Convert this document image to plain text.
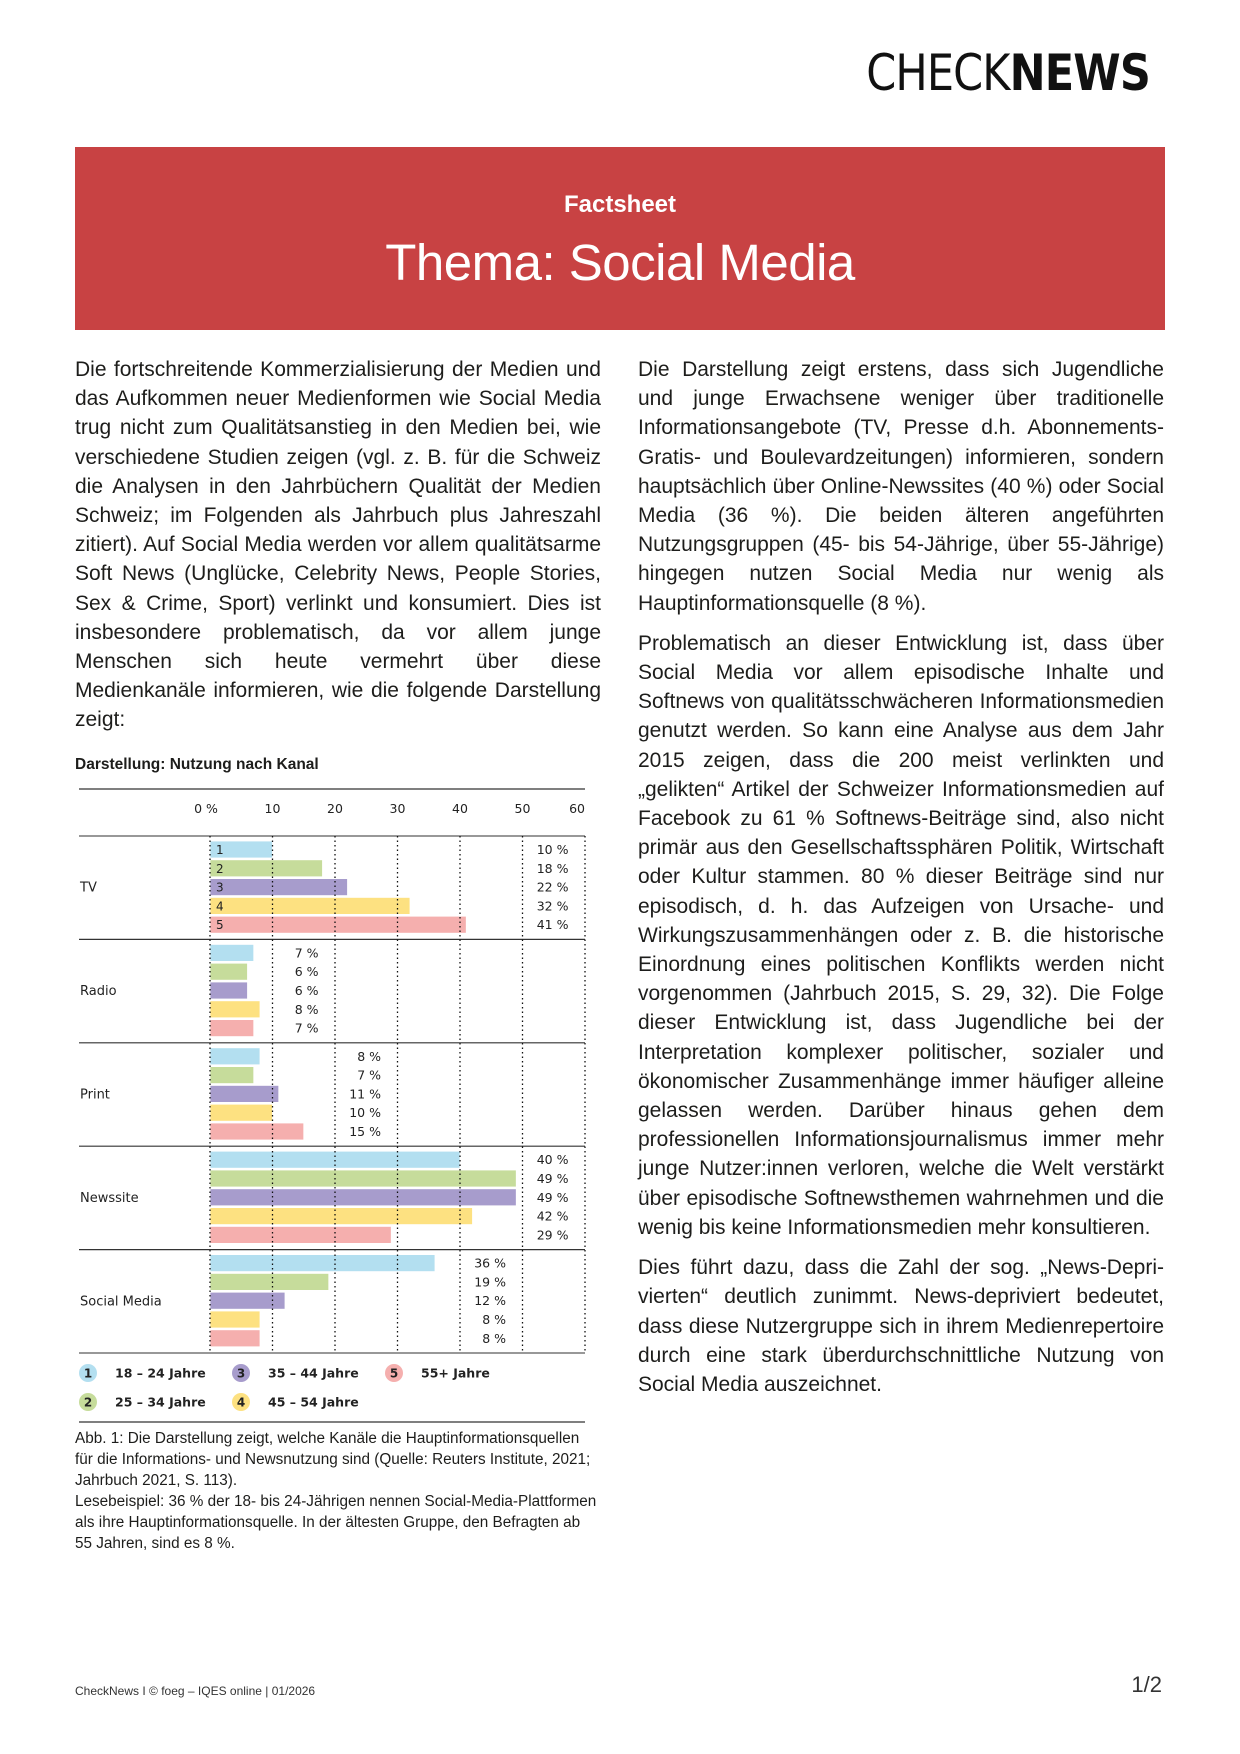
CHECKNEWS
Factsheet
Thema: Social Media

Die fortschreitende Kommerzialisierung der Medien und das Aufkommen neuer Medienformen wie Social Media trug nicht zum Qualitätsanstieg in den Medien bei, wie verschiedene Studien zeigen (vgl. z. B. für die Schweiz die Analysen in den Jahrbüchern Qualität der Medien Schweiz; im Folgenden als Jahrbuch plus Jahreszahl zitiert). Auf Social Media werden vor allem qualitätsarme Soft News (Unglücke, Celebrity News, People Stories, Sex & Crime, Sport) verlinkt und konsumiert. Dies ist insbesondere problematisch, da vor allem junge Menschen sich heute vermehrt über diese Medienkanäle informieren, wie die folgende Darstellung zeigt:

Die Darstellung zeigt erstens, dass sich Jugendliche und junge Erwachsene weniger über traditionelle Informationsangebote (TV, Presse d.h. Abonnements- Gratis- und Boulevardzeitungen) informieren, sondern hauptsächlich über Online-Newssites (40 %) oder Social Media (36 %). Die beiden älteren angeführten Nutzungsgruppen (45- bis 54-Jährige, über 55-Jährige) hingegen nutzen Social Media nur wenig als Hauptinformationsquelle (8 %).

Problematisch an dieser Entwicklung ist, dass über Social Media vor allem episodische Inhalte und Softnews von qualitätsschwächeren Informationsmedien genutzt werden. So kann eine Analyse aus dem Jahr 2015 zeigen, dass die 200 meist verlinkten und „gelikten“ Artikel der Schweizer Informationsmedien auf Facebook zu 61 % Softnews-Beiträge sind, also nicht primär aus den Gesellschaftssphären Politik, Wirtschaft oder Kultur stammen. 80 % dieser Beiträge sind nur episodisch, d. h. das Aufzeigen von Ursache- und Wirkungszusammenhängen oder z. B. die historische Einordnung eines politischen Konflikts werden nicht vorgenommen (Jahrbuch 2015, S. 29, 32). Die Folge dieser Entwicklung ist, dass Jugendliche bei der Interpretation komplexer politischer, sozialer und ökonomischer Zusammenhänge immer häufiger alleine gelassen werden. Darüber hinaus gehen dem professionellen Informationsjournalismus immer mehr junge Nutzer:innen verloren, welche die Welt verstärkt über episodische Softnewsthemen wahrnehmen und die wenig bis keine Informationsmedien mehr konsultieren.

Dies führt dazu, dass die Zahl der sog. „News-Deprivierten“ deutlich zunimmt. News-depriviert bedeutet, dass diese Nutzergruppe sich in ihrem Medienrepertoire durch eine stark überdurchschnittliche Nutzung von Social Media auszeichnet.

Darstellung: Nutzung nach Kanal
0 %	10	20	30	40	50	60
TV
1	10 %
2	18 %
3	22 %
4	32 %
5	41 %
Radio
7 %
6 %
6 %
8 %
7 %
Print
8 %
7 %
11 %
10 %
15 %
Newssite
40 %
49 %
49 %
42 %
29 %
Social Media
36 %
19 %
12 %
8 %
8 %
1 18 – 24 Jahre
2 25 – 34 Jahre
3 35 – 44 Jahre
4 45 – 54 Jahre
5 55+ Jahre

Abb. 1: Die Darstellung zeigt, welche Kanäle die Hauptinformationsquellen für die Informations- und Newsnutzung sind (Quelle: Reuters Institute, 2021; Jahrbuch 2021, S. 113).

Lesebeispiel: 36 % der 18- bis 24-Jährigen nennen Social-Media-Plattformen als ihre Hauptinformationsquelle. In der ältesten Gruppe, den Befragten ab 55 Jahren, sind es 8 %.

CheckNews I © foeg – IQES online | 01/2026	1/2
